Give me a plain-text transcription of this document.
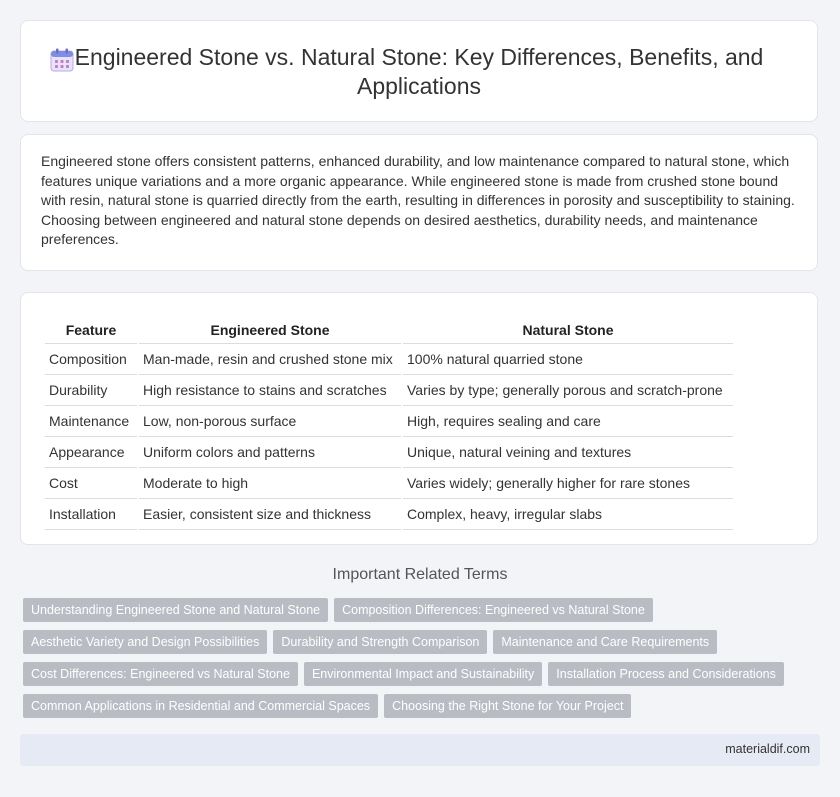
Engineered Stone vs. Natural Stone: Key Differences, Benefits, and Applications

Engineered stone offers consistent patterns, enhanced durability, and low maintenance compared to natural stone, which features unique variations and a more organic appearance. While engineered stone is made from crushed stone bound with resin, natural stone is quarried directly from the earth, resulting in differences in porosity and susceptibility to staining. Choosing between engineered and natural stone depends on desired aesthetics, durability needs, and maintenance preferences.

Feature	Engineered Stone	Natural Stone
Composition	Man-made, resin and crushed stone mix	100% natural quarried stone
Durability	High resistance to stains and scratches	Varies by type; generally porous and scratch-prone
Maintenance	Low, non-porous surface	High, requires sealing and care
Appearance	Uniform colors and patterns	Unique, natural veining and textures
Cost	Moderate to high	Varies widely; generally higher for rare stones
Installation	Easier, consistent size and thickness	Complex, heavy, irregular slabs
Important Related Terms
Understanding Engineered Stone and Natural Stone	Composition Differences: Engineered vs Natural Stone
Aesthetic Variety and Design Possibilities	Durability and Strength Comparison	Maintenance and Care Requirements
Cost Differences: Engineered vs Natural Stone	Environmental Impact and Sustainability	Installation Process and Considerations
Common Applications in Residential and Commercial Spaces	Choosing the Right Stone for Your Project
materialdif.com
